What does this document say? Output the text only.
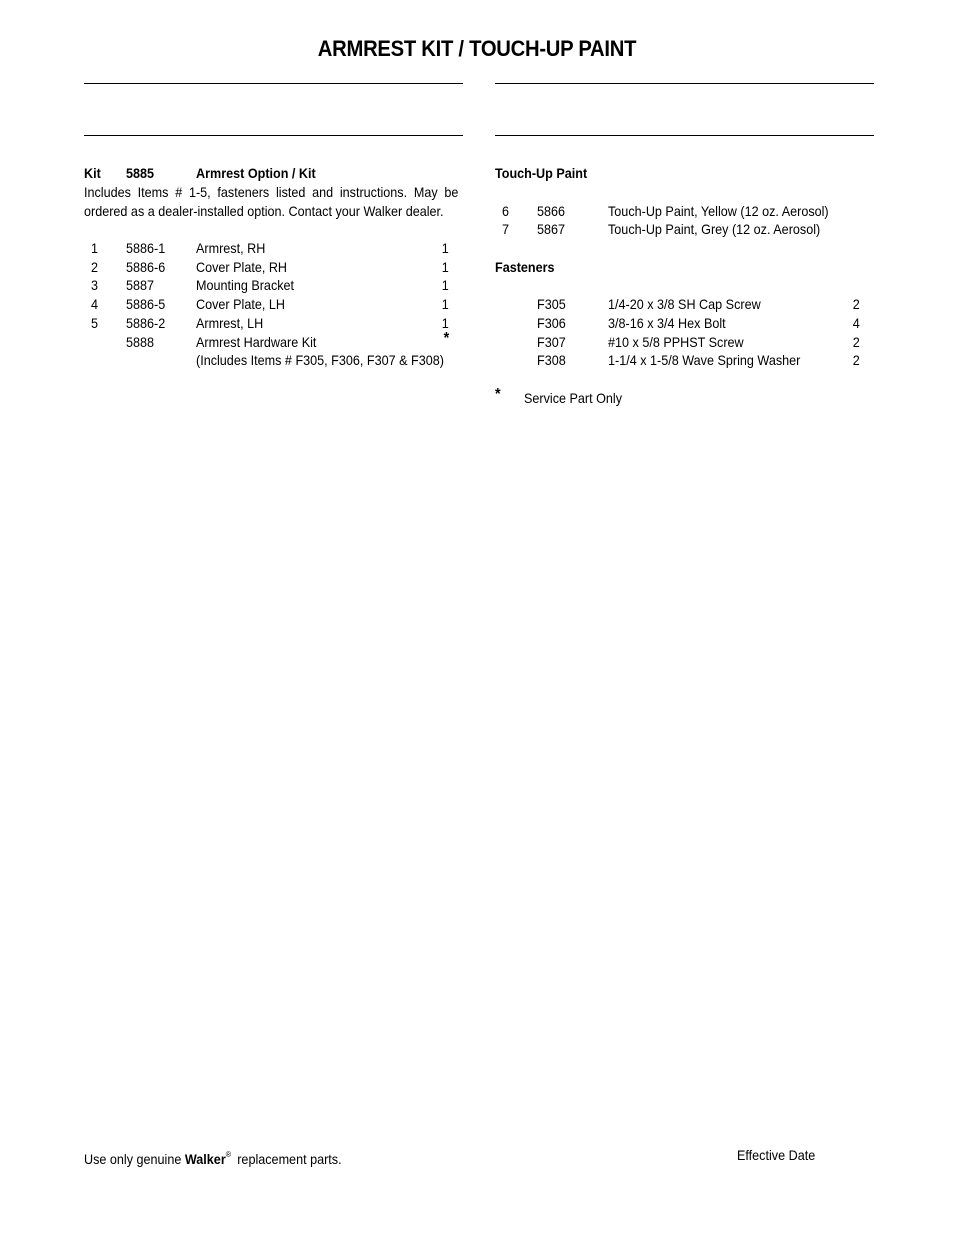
ARMREST KIT / TOUCH-UP PAINT
Kit 5885	Armrest Option / Kit
Includes Items # 1-5, fasteners listed and instructions. May be ordered as a dealer-installed option. Contact your Walker dealer.
1 5886-1 Armrest, RH	1
2 5886-6 Cover Plate, RH	1
3 5887	Mounting Bracket	1
4 5886-5 Cover Plate, LH	1
5 5886-2 Armrest, LH	1
5888	Armrest Hardware Kit	*
(Includes Items # F305, F306, F307 & F308)
Touch-Up Paint
6 5866	Touch-Up Paint, Yellow (12 oz. Aerosol)
7 5867	Touch-Up Paint, Grey (12 oz. Aerosol)
Fasteners
F305	1/4-20 x 3/8 SH Cap Screw	2
F306	3/8-16 x 3/4 Hex Bolt	4
F307	#10 x 5/8 PPHST Screw	2
F308	1-1/4 x 1-5/8 Wave Spring Washer	2
* Service Part Only
Use only genuine Walker® replacement parts.	Effective Date
